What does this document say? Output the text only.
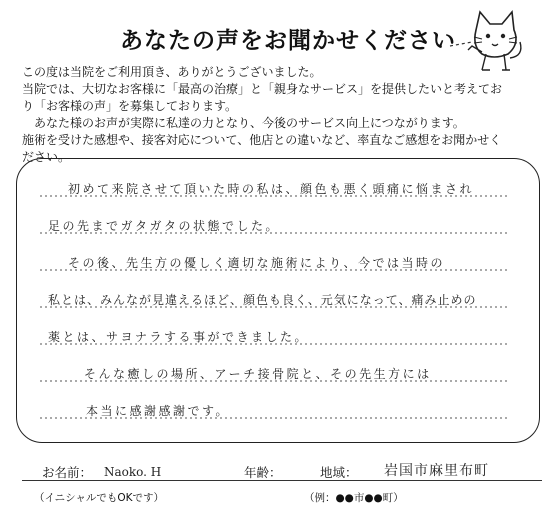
あなたの声をお聞かせください
この度は当院をご利用頂き、ありがとうございました。
当院では、大切なお客様に「最高の治療」と「親身なサービス」を提供したいと考えてお
り「お客様の声」を募集しております。
　あなた様のお声が実際に私達の力となり、今後のサービス向上につながります。
施術を受けた感想や、接客対応について、他店との違いなど、率直なご感想をお聞かせく
ださい。
初めて来院させて頂いた時の私は、顔色も悪く頭痛に悩まされ
足の先までガタガタの状態でした。
その後、先生方の優しく適切な施術により、今では当時の
私とは、みんなが見違えるほど、顔色も良く、元気になって、痛み止めの
薬とは、サヨナラする事ができました。
そんな癒しの場所、アーチ接骨院と、その先生方には
本当に感謝感謝です。
お名前： Naoko. H	年齢：	地域： 岩国市麻里布町
（イニシャルでもOKです）	（例：●●市●●町）
